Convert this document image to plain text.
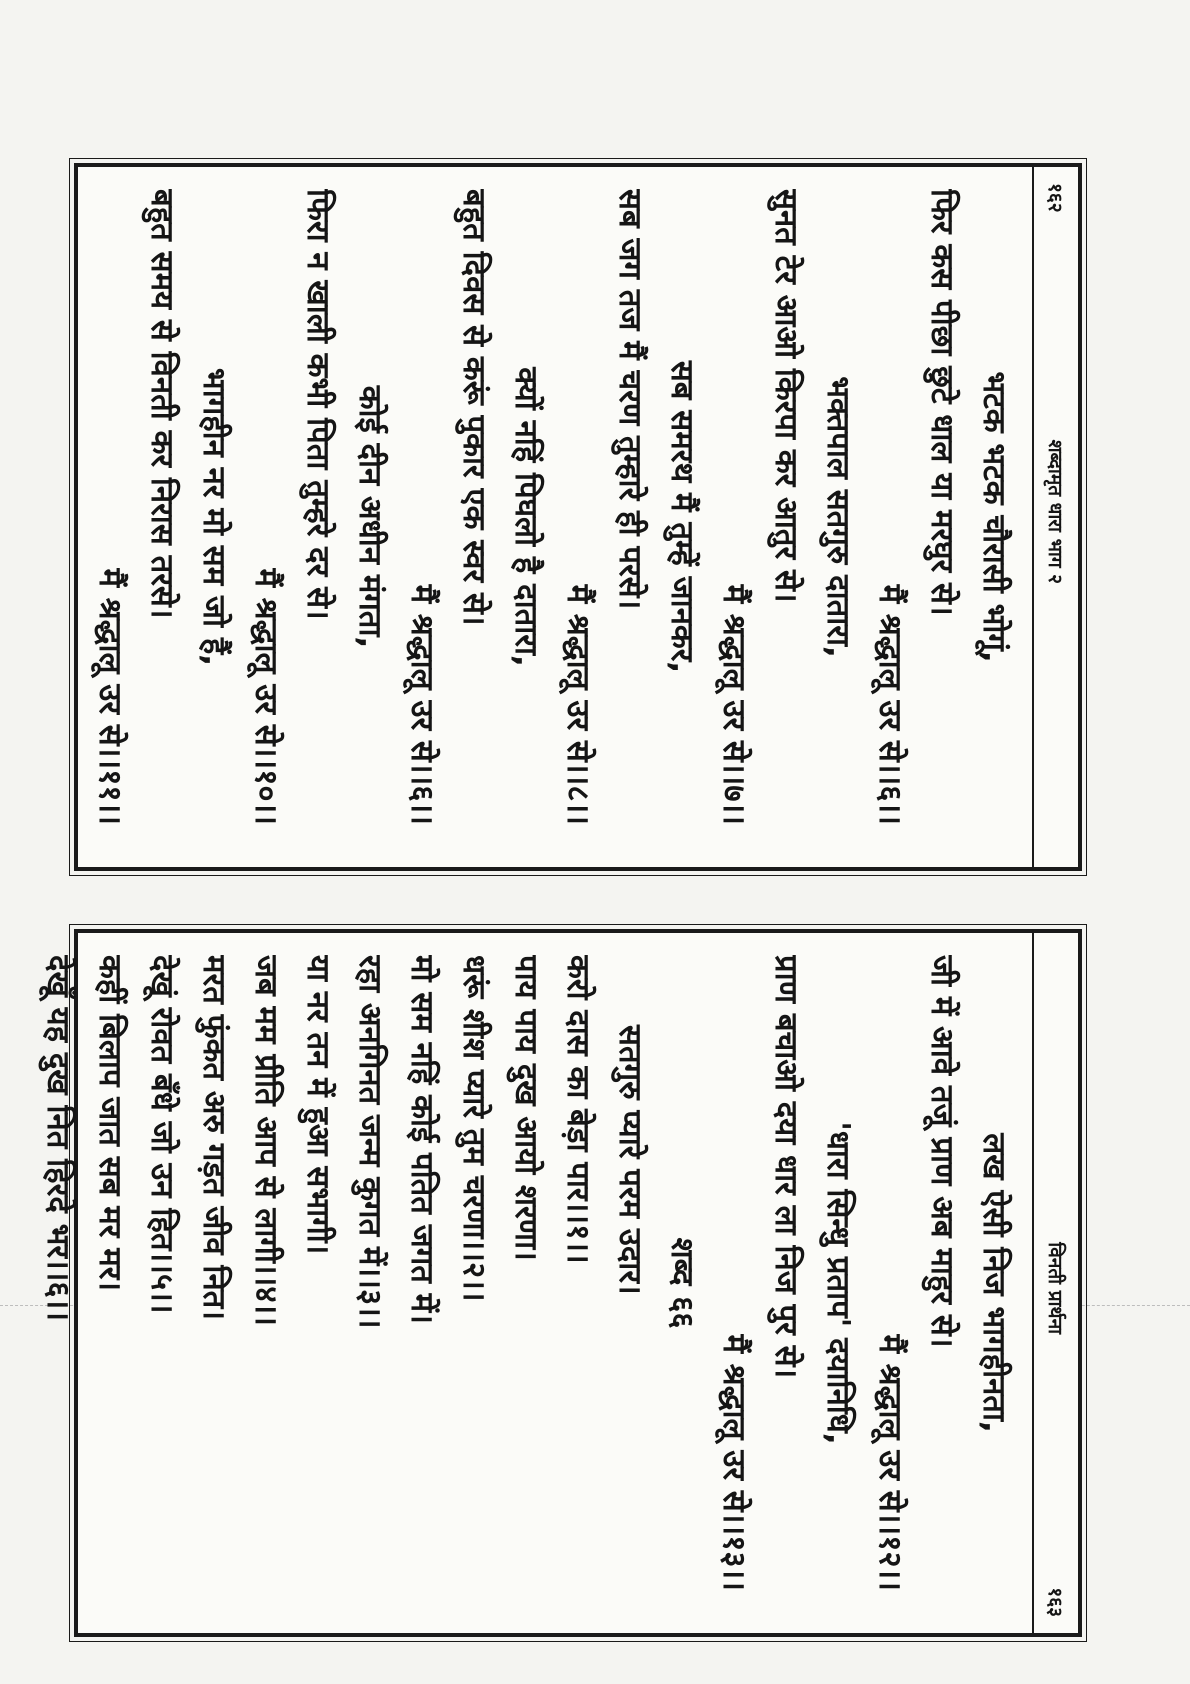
१६२
शब्दामृत धारा भाग २
भटक भटक चौरासी भोगूं,
फिर कस पीछा छुटे धाल या मरघुर से।
मैं श्रद्धालू उर से।।६।।
भक्तपाल सतगुरु दातारा,
सुनत टेर आओ किरपा कर आतुर से।
मैं श्रद्धालू उर से।।७।।
सब समरथ मैं तुम्हें जानकर,
सब जग तज मैं चरण तुम्हारे ही परसे।
मैं श्रद्धालू उर से।।८।।
क्यों नहिं पिघलो है दातारा,
बहुत दिवस से करूं पुकार एक स्वर से।
मैं श्रद्धालू उर से।।६।।
कोई दीन अधीन मंगता,
फिरा न खाली कभी पिता तुम्हरे दर से।
मैं श्रद्धालू उर से।।१०।।
भागहीन नर मो सम जो हैं,
बहुत समय से विनती कर निरास तरसे।
मैं श्रद्धालू उर से।।११।।
विनती प्रार्थना
१६३
लख ऐसी निज भागहीनता,
जी में आवे तजूं प्राण अब माहुर से।
मैं श्रद्धालू उर से।।१२।।
'धारा सिन्धु प्रताप' दयानिधि,
प्राण बचाओ दया धार ला निज पुर से।
मैं श्रद्धालू उर से।।१३।।
शब्द ६६
सतगुरु प्यारे परम उदार।
करो दास का बेड़ा पार।।१।।
पाय पाय दुख आयो शरणा।
धरूं शीश प्यारे तुम चरणा।।२।।
मो सम नहिं कोई पतित जगत में।
रहा अनगिनत जन्म कुगत में।।३।।
या नर तन में हुआ सभागी।
जब मम प्रीति आप से लागी।।४।।
मरत फुंकत अरु गड़त जीव नित।
देखूं रोवत बँधे जो उन हित।।५।।
कहीं बिलाप जात सब मर मर।
देखूँ यह दुख नित हिरदे भर।।६।।
